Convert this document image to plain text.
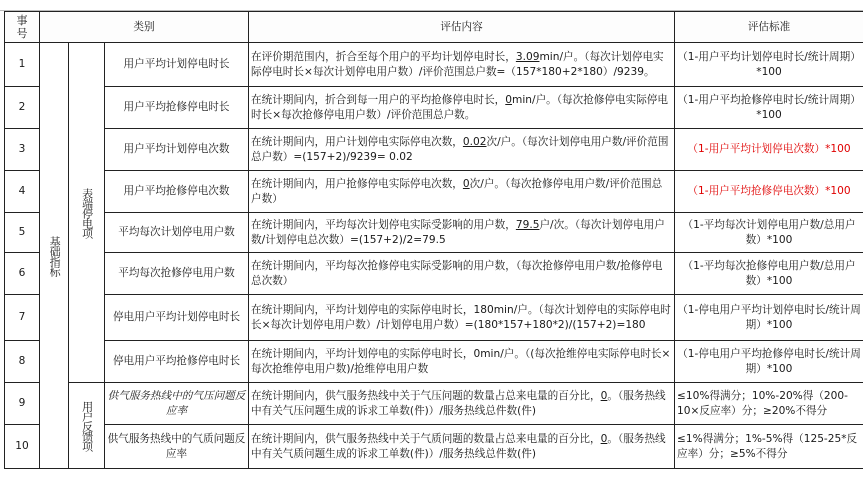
事
号	类别			评估内容	评估标准
1	基础指标	表端停电项	用户平均计划停电时长	在评价期范围内，折合至每个用户的平均计划停电时长，3.09min/户。（每次计划停电实际停电时长×每次计划停电用户数）/评价范围总户数=（157*180+2*180）/9239。	（1-用户平均计划停电时长/统计周期）*100
2			用户平均抢修停电时长	在统计期间内，折合到每一用户的平均抢修停电时长，0min/户。（每次抢修停电实际停电时长×每次抢修停电用户数）/评价范围总户数。	（1-用户平均抢修停电时长/统计周期）*100
3			用户平均计划停电次数	在统计期间内，用户计划停电实际停电次数，0.02次/户。（每次计划停电用户数/评价范围总户数）=(157+2)/9239= 0.02	（1-用户平均计划停电次数）*100
4			用户平均抢修停电次数	在统计期间内，用户抢修停电实际停电次数，0次/户。（每次抢修停电用户数/评价范围总户数）	（1-用户平均抢修停电次数）*100
5			平均每次计划停电用户数	在统计期间内，平均每次计划停电实际受影响的用户数，79.5户/次。（每次计划停电用户数/计划停电总次数）=(157+2)/2=79.5	（1-平均每次计划停电用户数/总用户数）*100
6			平均每次抢修停电用户数	在统计期间内，平均每次抢修停电实际受影响的用户数，（每次抢修停电用户数/抢修停电总次数）	（1-平均每次抢修停电用户数/总用户数）*100
7			停电用户平均计划停电时长	在统计期间内，平均计划停电的实际停电时长，180min/户。（每次计划停电的实际停电时长×每次计划停电用户数）/计划停电用户数）=(180*157+180*2)/(157+2)=180	（1-停电用户平均计划停电时长/统计周期）*100
8			停电用户平均抢修停电时长	在统计期间内，平均计划停电的实际停电时长，0min/户。（(每次抢维停电实际停电时长×每次抢维停电用户数)/抢维停电用户数	（1-停电用户平均抢修停电时长/统计周期）*100
9		用户反馈项	供气服务热线中的气压问题反应率	在统计期间内，供气服务热线中关于气压问题的数量占总来电量的百分比，0。（服务热线中有关气压问题生成的诉求工单数(件)）/服务热线总件数(件)	≤10%得满分；10%-20%得（200-10×反应率）分；≥20%不得分
10			供气服务热线中的气质问题反应率	在统计期间内，供气服务热线中关于气质问题的数量占总来电量的百分比，0。（服务热线中有关气质问题生成的诉求工单数(件)）/服务热线总件数(件)	≤1%得满分；1%-5%得（125-25*反应率）分；≥5%不得分
